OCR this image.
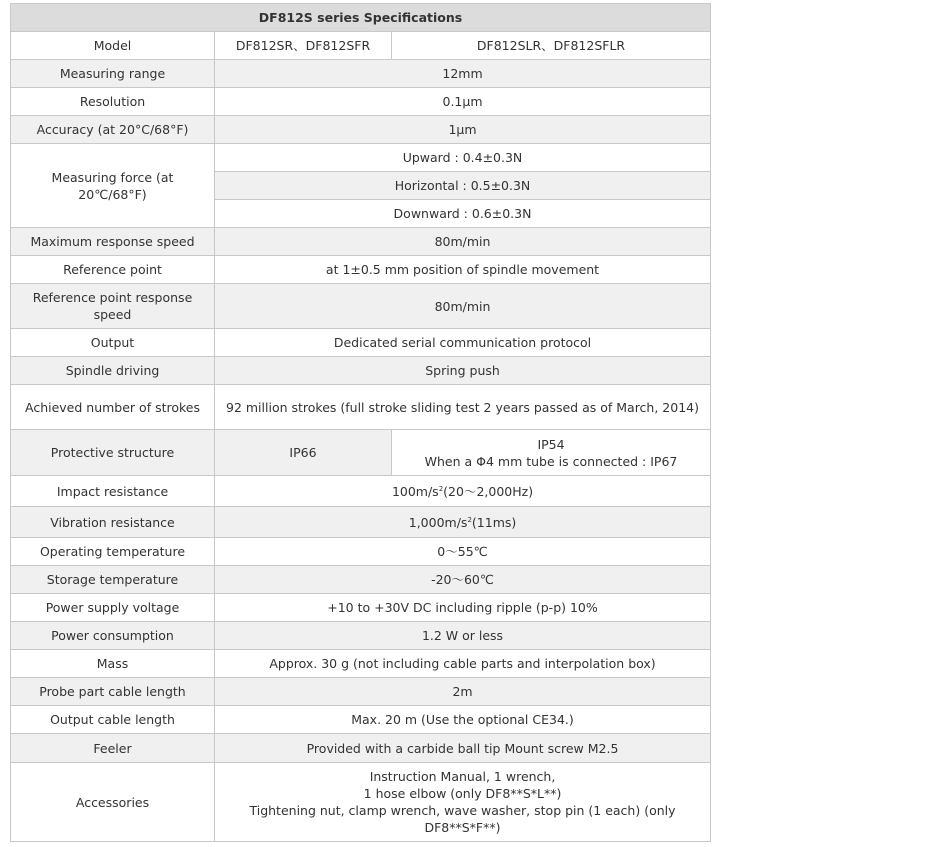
DF812S series Specifications		
Model	DF812SR、DF812SFR	DF812SLR、DF812SFLR
Measuring range	12mm	
Resolution	0.1μm	
Accuracy (at 20°C/68°F)	1μm	
Measuring force (at 20℃/68°F)	Upward : 0.4±0.3N	
	Horizontal : 0.5±0.3N	
	Downward : 0.6±0.3N	
Maximum response speed	80m/min	
Reference point	at 1±0.5 mm position of spindle movement	
Reference point response speed	80m/min	
Output	Dedicated serial communication protocol	
Spindle driving	Spring push	
Achieved number of strokes	92 million strokes (full stroke sliding test 2 years passed as of March, 2014)	
Protective structure	IP66	IP54
When a Φ4 mm tube is connected : IP67
Impact resistance	$100m/s^2(20\sim 2,000Hz)$	
Vibration resistance	$1,000m/s^2(11ms)$	
Operating temperature	0～55℃	
Storage temperature	-20～60℃	
Power supply voltage	+10 to +30V DC including ripple (p-p) 10%	
Power consumption	1.2 W or less	
Mass	Approx. 30 g (not including cable parts and interpolation box)	
Probe part cable length	2m	
Output cable length	Max. 20 m (Use the optional CE34.)	
Feeler	Provided with a carbide ball tip Mount screw M2.5	
Accessories	Instruction Manual, 1 wrench,
1 hose elbow (only DF8**S*L**)
Tightening nut, clamp wrench, wave washer, stop pin (1 each) (only DF8**S*F**)	
